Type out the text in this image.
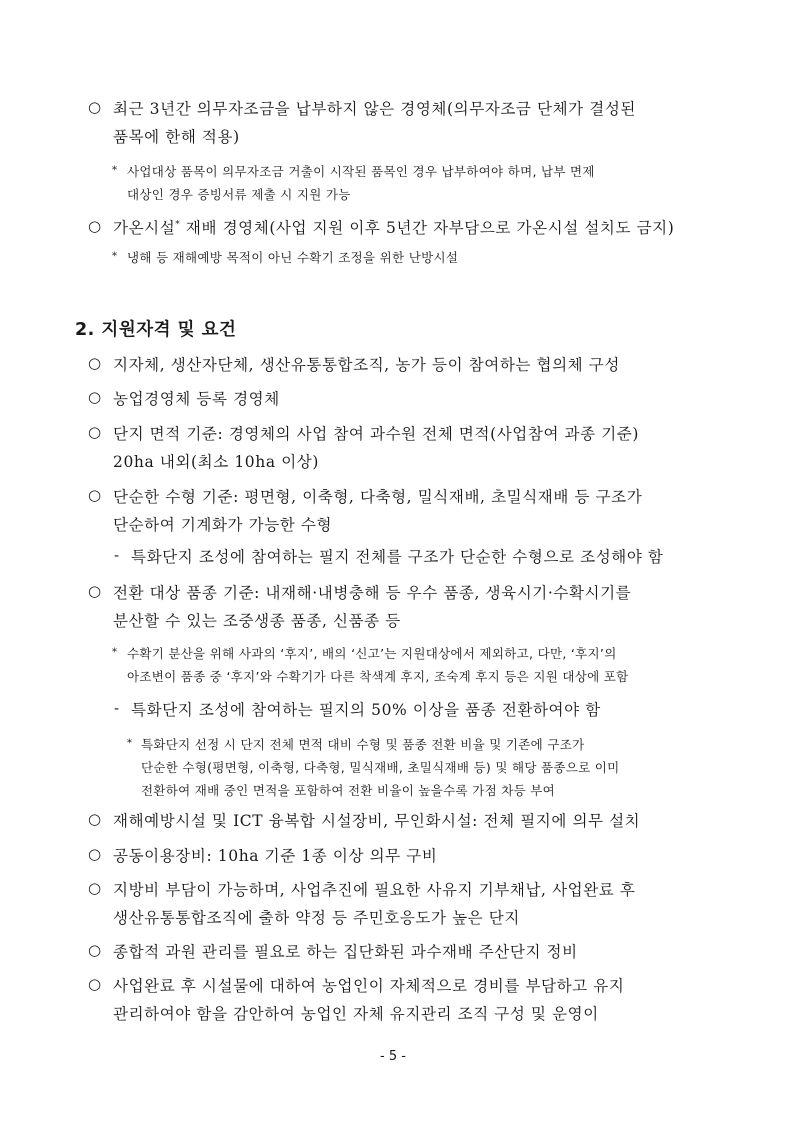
○ 최근 3년간 의무자조금을 납부하지 않은 경영체(의무자조금 단체가 결성된
품목에 한해 적용)
* 사업대상 품목이 의무자조금 거출이 시작된 품목인 경우 납부하여야 하며, 납부 면제
대상인 경우 증빙서류 제출 시 지원 가능
○ 가온시설* 재배 경영체(사업 지원 이후 5년간 자부담으로 가온시설 설치도 금지)
* 냉해 등 재해예방 목적이 아닌 수확기 조정을 위한 난방시설
2. 지원자격 및 요건
○ 지자체, 생산자단체, 생산유통통합조직, 농가 등이 참여하는 협의체 구성
○ 농업경영체 등록 경영체
○ 단지 면적 기준: 경영체의 사업 참여 과수원 전체 면적(사업참여 과종 기준)
20ha 내외(최소 10ha 이상)
○ 단순한 수형 기준: 평면형, 이축형, 다축형, 밀식재배, 초밀식재배 등 구조가
단순하여 기계화가 가능한 수형
- 특화단지 조성에 참여하는 필지 전체를 구조가 단순한 수형으로 조성해야 함
○ 전환 대상 품종 기준: 내재해·내병충해 등 우수 품종, 생육시기·수확시기를
분산할 수 있는 조중생종 품종, 신품종 등
* 수확기 분산을 위해 사과의 ‘후지’, 배의 ‘신고’는 지원대상에서 제외하고, 다만, ‘후지’의
아조변이 품종 중 ‘후지’와 수확기가 다른 착색계 후지, 조숙계 후지 등은 지원 대상에 포함
- 특화단지 조성에 참여하는 필지의 50% 이상을 품종 전환하여야 함
* 특화단지 선정 시 단지 전체 면적 대비 수형 및 품종 전환 비율 및 기존에 구조가
단순한 수형(평면형, 이축형, 다축형, 밀식재배, 초밀식재배 등) 및 해당 품종으로 이미
전환하여 재배 중인 면적을 포함하여 전환 비율이 높을수록 가점 차등 부여
○ 재해예방시설 및 ICT 융복합 시설장비, 무인화시설: 전체 필지에 의무 설치
○ 공동이용장비: 10ha 기준 1종 이상 의무 구비
○ 지방비 부담이 가능하며, 사업추진에 필요한 사유지 기부채납, 사업완료 후
생산유통통합조직에 출하 약정 등 주민호응도가 높은 단지
○ 종합적 과원 관리를 필요로 하는 집단화된 과수재배 주산단지 정비
○ 사업완료 후 시설물에 대하여 농업인이 자체적으로 경비를 부담하고 유지
관리하여야 함을 감안하여 농업인 자체 유지관리 조직 구성 및 운영이
- 5 -
